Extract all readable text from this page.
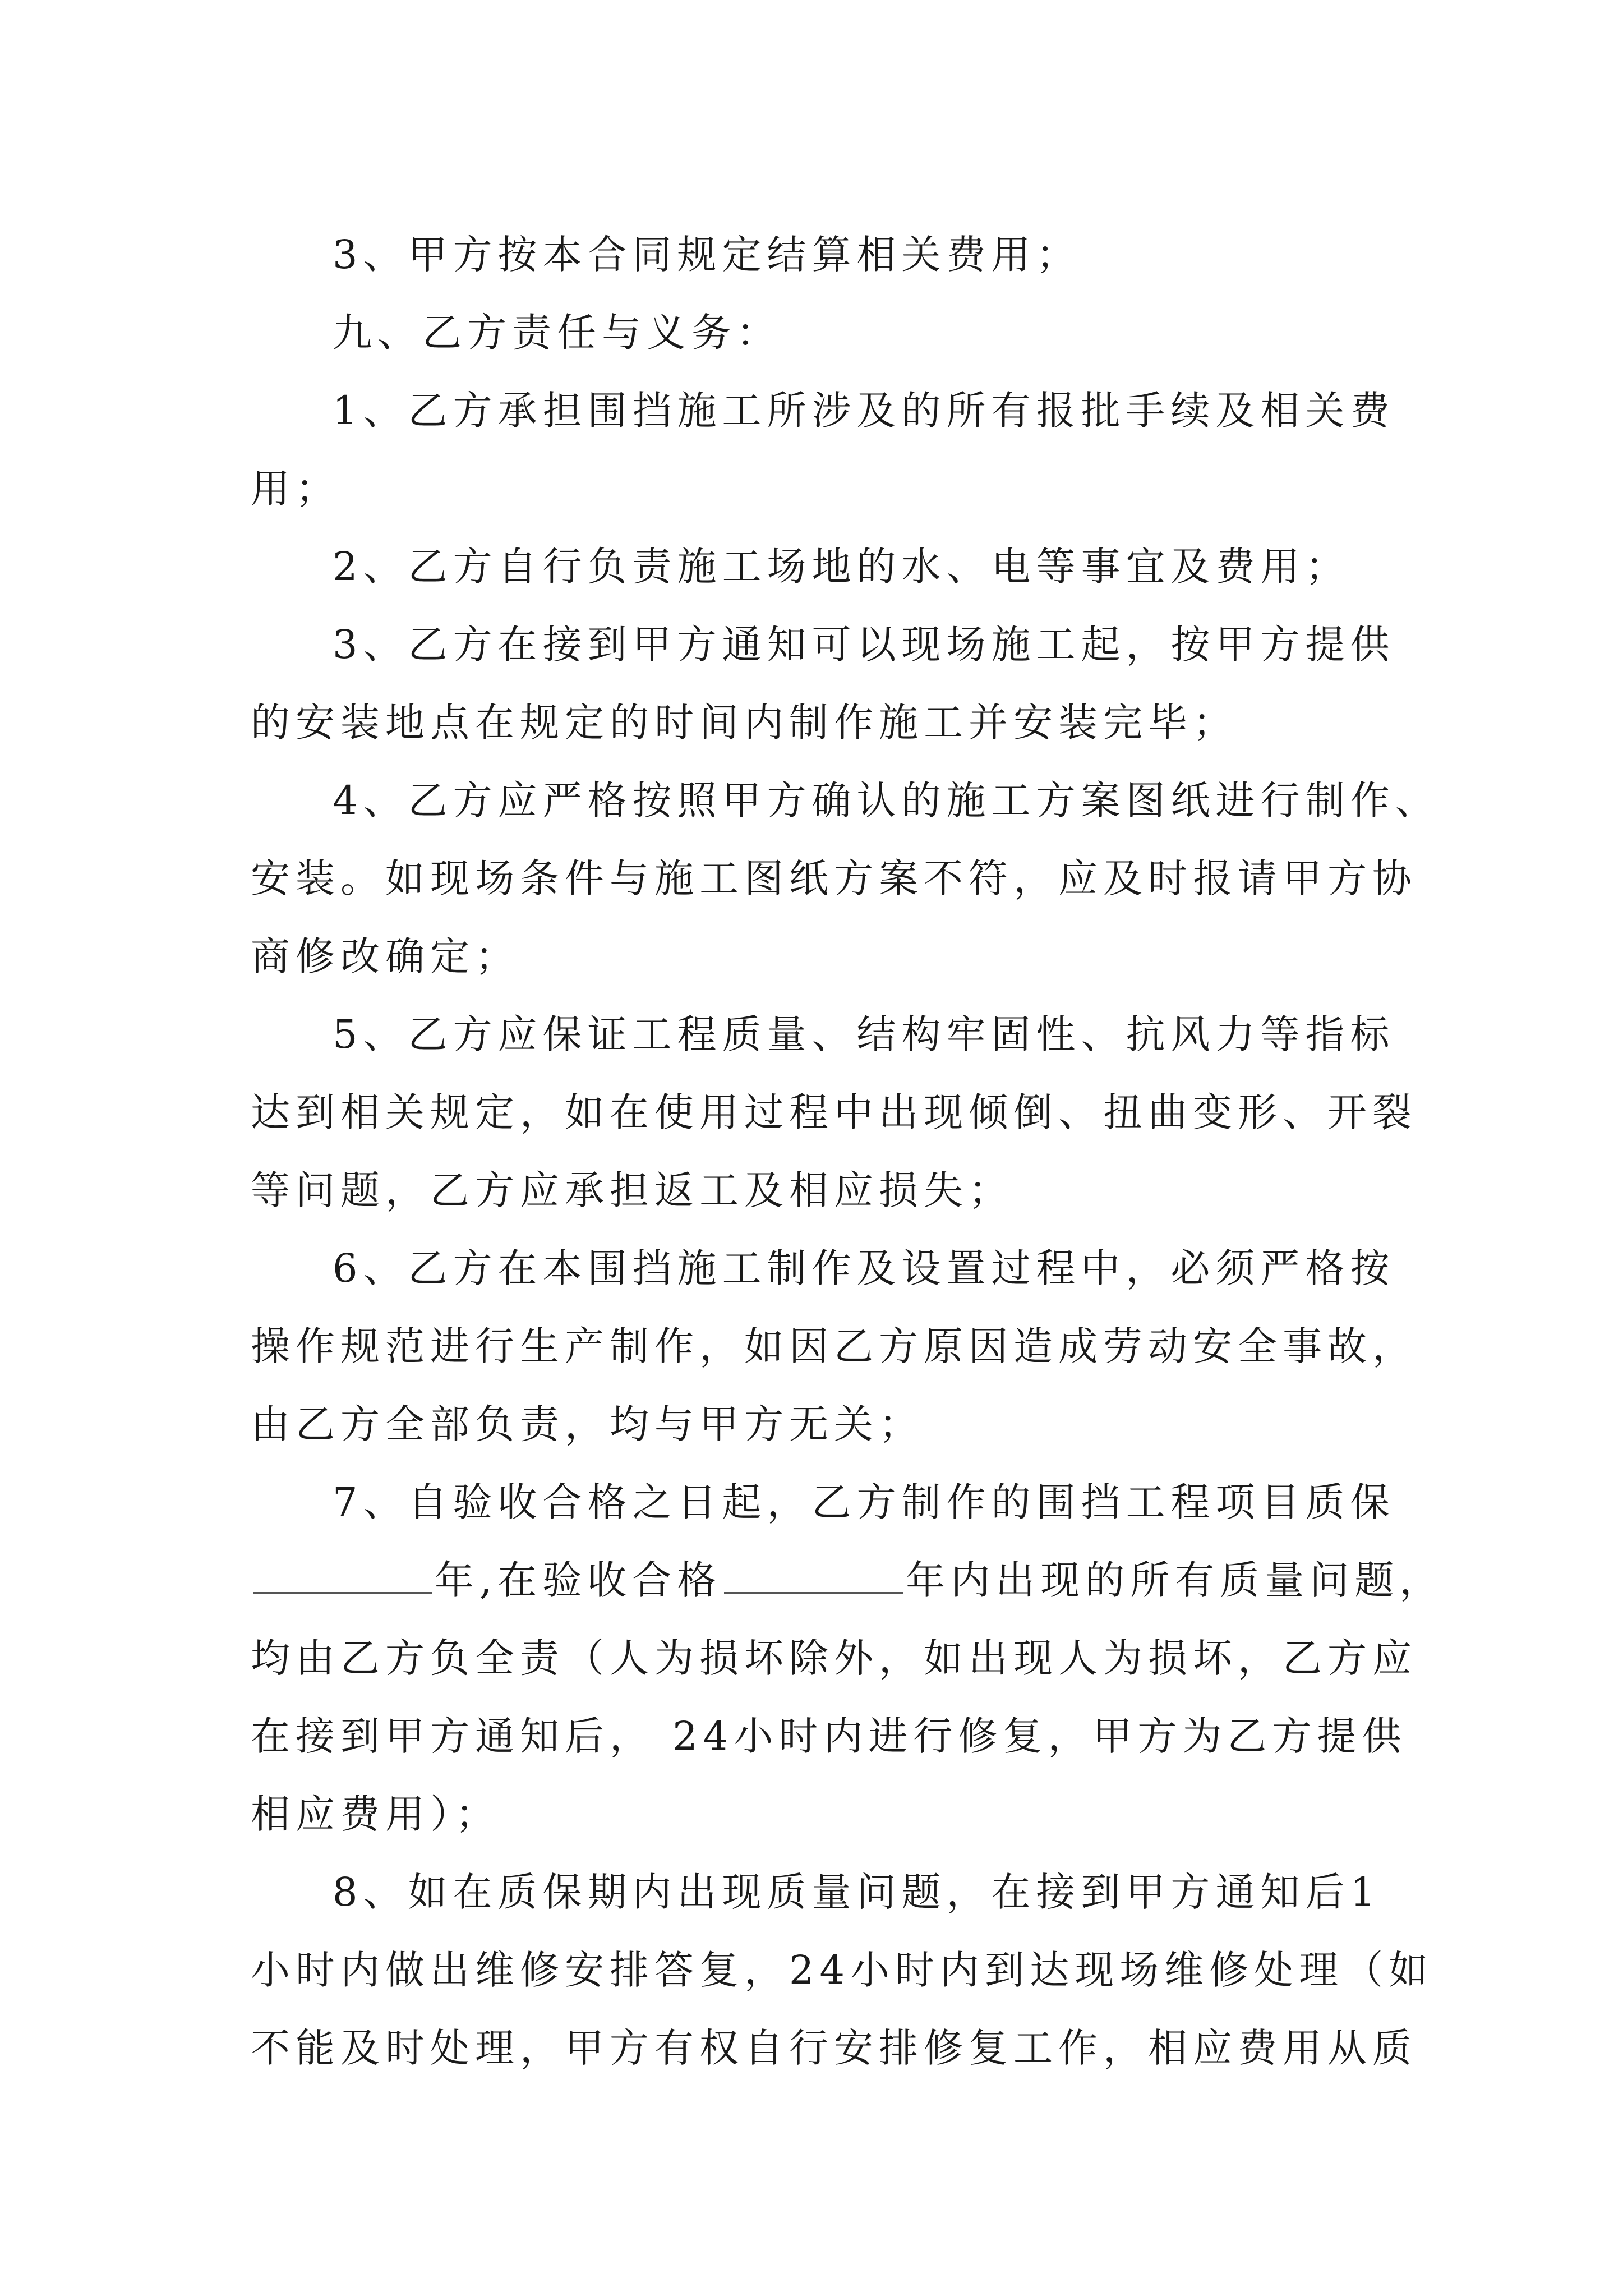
3、甲方按本合同规定结算相关费用；
九、乙方责任与义务：
1、乙方承担围挡施工所涉及的所有报批手续及相关费
用；
2、乙方自行负责施工场地的水、电等事宜及费用；
3、乙方在接到甲方通知可以现场施工起，按甲方提供
的安装地点在规定的时间内制作施工并安装完毕；
4、乙方应严格按照甲方确认的施工方案图纸进行制作、
安装。如现场条件与施工图纸方案不符，应及时报请甲方协
商修改确定；
5、乙方应保证工程质量、结构牢固性、抗风力等指标
达到相关规定，如在使用过程中出现倾倒、扭曲变形、开裂
等问题，乙方应承担返工及相应损失；
6、乙方在本围挡施工制作及设置过程中，必须严格按
操作规范进行生产制作，如因乙方原因造成劳动安全事故，
由乙方全部负责，均与甲方无关；
7、自验收合格之日起，乙方制作的围挡工程项目质保
年,在验收合格	年内出现的所有质量问题，
均由乙方负全责（人为损坏除外，如出现人为损坏，乙方应
在接到甲方通知后， 24小时内进行修复，甲方为乙方提供
相应费用）；
8、如在质保期内出现质量问题，在接到甲方通知后1
小时内做出维修安排答复，24小时内到达现场维修处理（如
不能及时处理，甲方有权自行安排修复工作，相应费用从质
